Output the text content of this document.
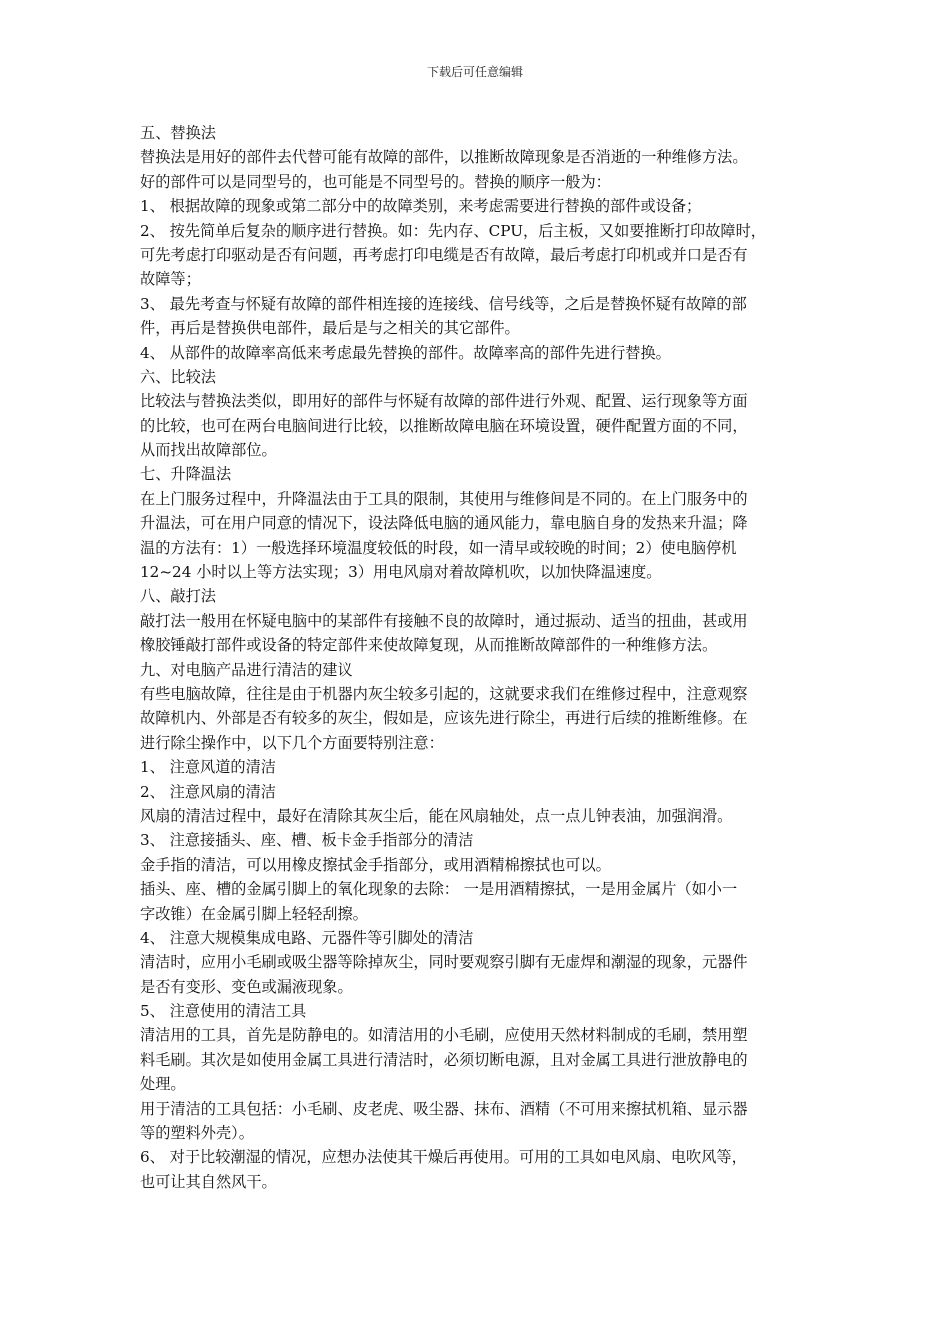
下载后可任意编辑
五、替换法
替换法是用好的部件去代替可能有故障的部件，以推断故障现象是否消逝的一种维修方法。
好的部件可以是同型号的，也可能是不同型号的。替换的顺序一般为：
1、 根据故障的现象或第二部分中的故障类别，来考虑需要进行替换的部件或设备；
2、 按先简单后复杂的顺序进行替换。如：先内存、CPU，后主板，又如要推断打印故障时，
可先考虑打印驱动是否有问题，再考虑打印电缆是否有故障，最后考虑打印机或并口是否有
故障等；
3、 最先考查与怀疑有故障的部件相连接的连接线、信号线等，之后是替换怀疑有故障的部
件，再后是替换供电部件，最后是与之相关的其它部件。
4、 从部件的故障率高低来考虑最先替换的部件。故障率高的部件先进行替换。
六、比较法
比较法与替换法类似，即用好的部件与怀疑有故障的部件进行外观、配置、运行现象等方面
的比较，也可在两台电脑间进行比较，以推断故障电脑在环境设置，硬件配置方面的不同，
从而找出故障部位。
七、升降温法
在上门服务过程中，升降温法由于工具的限制，其使用与维修间是不同的。在上门服务中的
升温法，可在用户同意的情况下，设法降低电脑的通风能力，靠电脑自身的发热来升温；降
温的方法有：1）一般选择环境温度较低的时段，如一清早或较晚的时间；2）使电脑停机
12~24 小时以上等方法实现；3）用电风扇对着故障机吹，以加快降温速度。
八、敲打法
敲打法一般用在怀疑电脑中的某部件有接触不良的故障时，通过振动、适当的扭曲，甚或用
橡胶锤敲打部件或设备的特定部件来使故障复现，从而推断故障部件的一种维修方法。
九、对电脑产品进行清洁的建议
有些电脑故障，往往是由于机器内灰尘较多引起的，这就要求我们在维修过程中，注意观察
故障机内、外部是否有较多的灰尘，假如是，应该先进行除尘，再进行后续的推断维修。在
进行除尘操作中，以下几个方面要特别注意：
1、 注意风道的清洁
2、 注意风扇的清洁
风扇的清洁过程中，最好在清除其灰尘后，能在风扇轴处，点一点儿钟表油，加强润滑。
3、 注意接插头、座、槽、板卡金手指部分的清洁
金手指的清洁，可以用橡皮擦拭金手指部分，或用酒精棉擦拭也可以。
插头、座、槽的金属引脚上的氧化现象的去除： 一是用酒精擦拭，一是用金属片（如小一
字改锥）在金属引脚上轻轻刮擦。
4、 注意大规模集成电路、元器件等引脚处的清洁
清洁时，应用小毛刷或吸尘器等除掉灰尘，同时要观察引脚有无虚焊和潮湿的现象，元器件
是否有变形、变色或漏液现象。
5、 注意使用的清洁工具
清洁用的工具，首先是防静电的。如清洁用的小毛刷，应使用天然材料制成的毛刷，禁用塑
料毛刷。其次是如使用金属工具进行清洁时，必须切断电源，且对金属工具进行泄放静电的
处理。
用于清洁的工具包括：小毛刷、皮老虎、吸尘器、抹布、酒精（不可用来擦拭机箱、显示器
等的塑料外壳）。
6、 对于比较潮湿的情况，应想办法使其干燥后再使用。可用的工具如电风扇、电吹风等，
也可让其自然风干。
